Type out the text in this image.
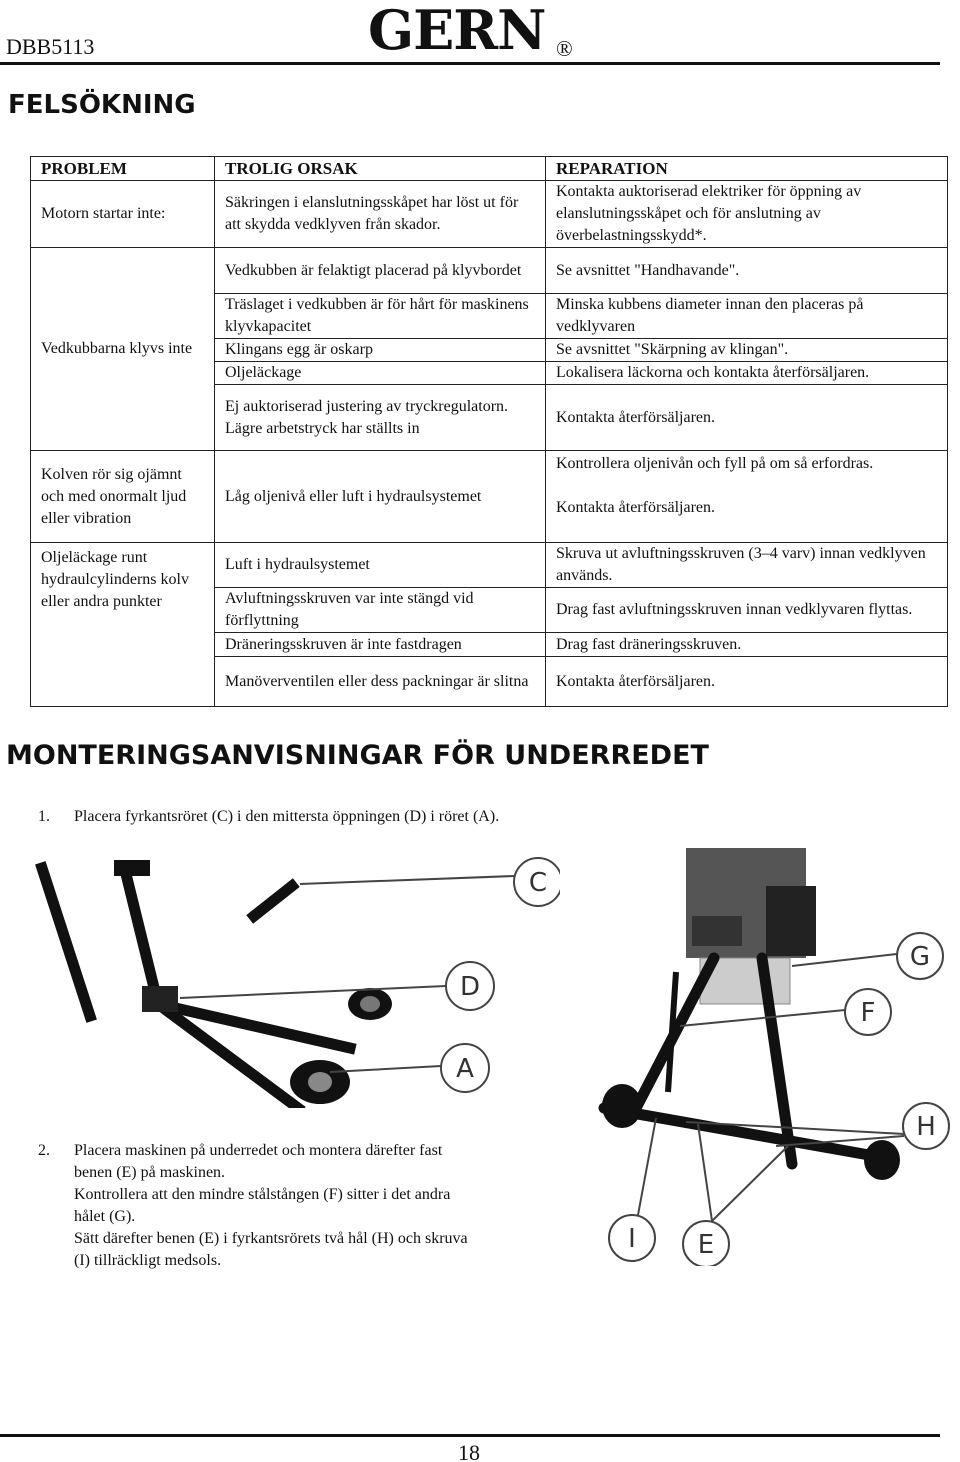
DBB5113	GERN ®
FELSÖKNING
PROBLEM	TROLIG ORSAK	REPARATION
Motorn startar inte:	Säkringen i elanslutningsskåpet har löst ut för att skydda vedklyven från skador.	Kontakta auktoriserad elektriker för öppning av elanslutningsskåpet och för anslutning av överbelastningsskydd*.
Vedkubbarna klyvs inte	Vedkubben är felaktigt placerad på klyvbordet	Se avsnittet "Handhavande".
	Träslaget i vedkubben är för hårt för maskinens klyvkapacitet	Minska kubbens diameter innan den placeras på vedklyvaren
	Klingans egg är oskarp	Se avsnittet "Skärpning av klingan".
	Oljeläckage	Lokalisera läckorna och kontakta återförsäljaren.
	Ej auktoriserad justering av tryckregulatorn. Lägre arbetstryck har ställts in	Kontakta återförsäljaren.
Kolven rör sig ojämnt och med onormalt ljud eller vibration	Låg oljenivå eller luft i hydraulsystemet	Kontrollera oljenivån och fyll på om så erfordras.
Kontakta återförsäljaren.

Oljeläckage runt hydraulcylinderns kolv eller andra punkter	Luft i hydraulsystemet	Skruva ut avluftningsskruven (3–4 varv) innan vedklyven används.
	Avluftningsskruven var inte stängd vid förflyttning	Drag fast avluftningsskruven innan vedklyvaren flyttas.
	Dräneringsskruven är inte fastdragen	Drag fast dräneringsskruven.
	Manöverventilen eller dess packningar är slitna	Kontakta återförsäljaren.
MONTERINGSANVISNINGAR FÖR UNDERREDET
1. Placera fyrkantsröret (C) i den mittersta öppningen (D) i röret (A).
C
D
A
G
F
H
I E
2. Placera maskinen på underredet och montera därefter fast
benen (E) på maskinen.
Kontrollera att den mindre stålstången (F) sitter i det andra
hålet (G).
Sätt därefter benen (E) i fyrkantsrörets två hål (H) och skruva
(I) tillräckligt medsols.
18
